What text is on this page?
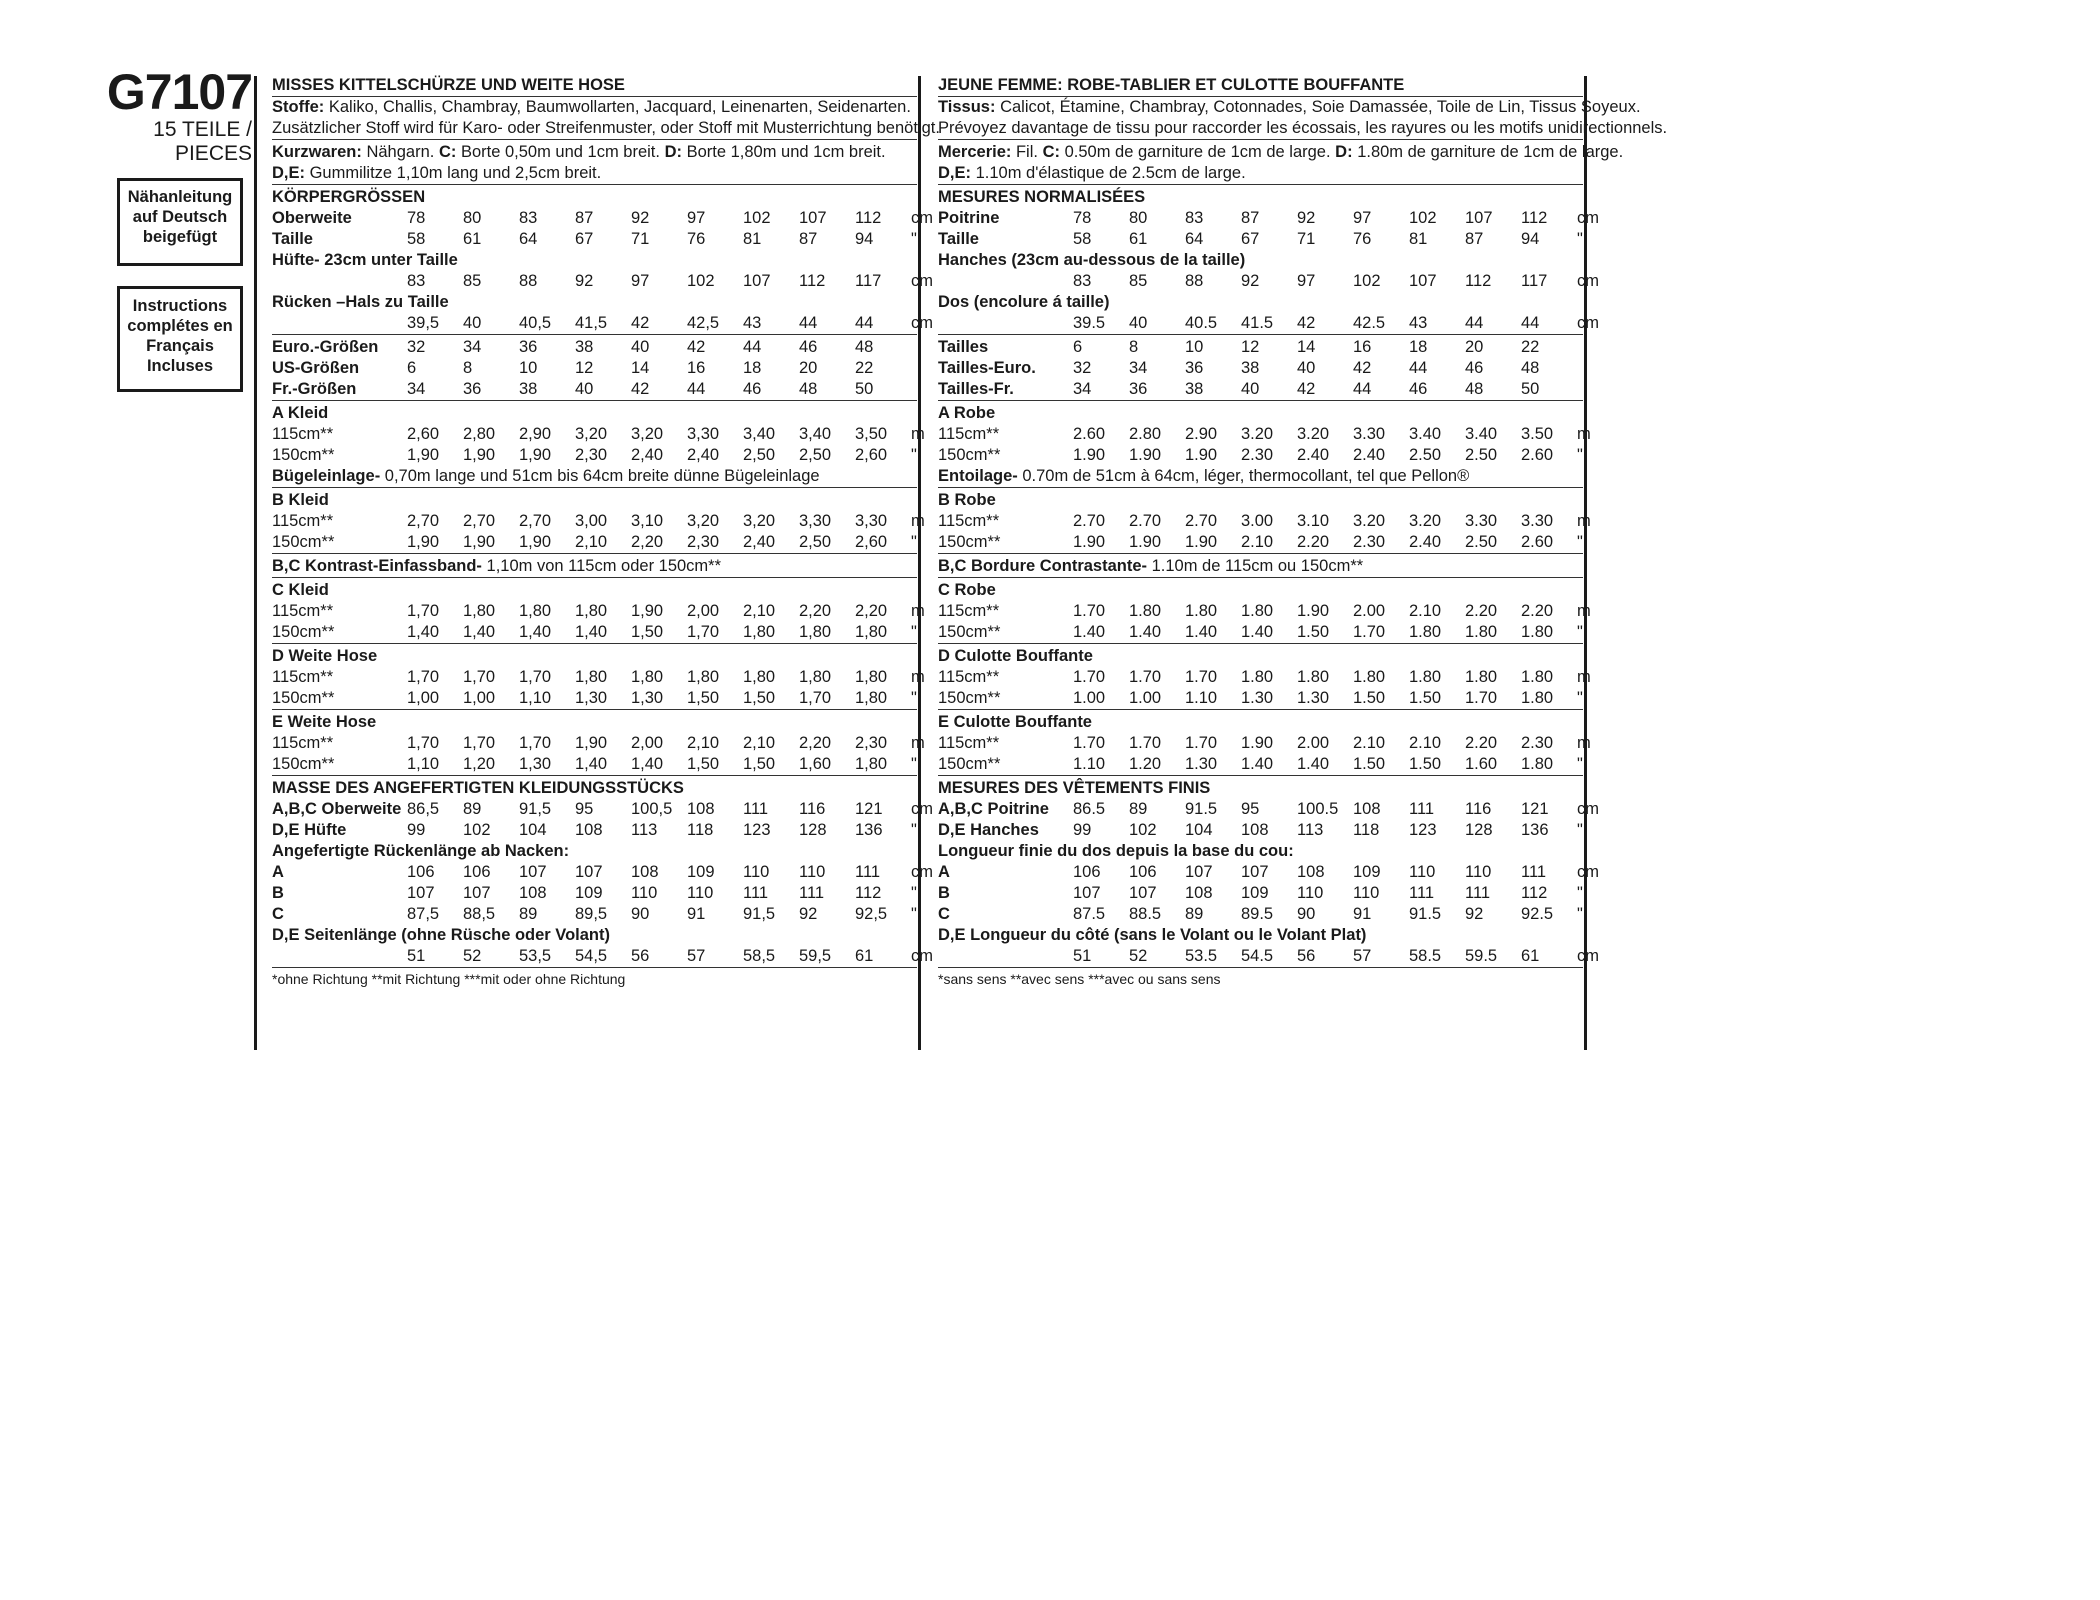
G7107
15 TEILE / PIECES
Nähanleitung auf Deutsch beigefügt
Instructions complétes en Français Incluses
MISSES KITTELSCHÜRZE UND WEITE HOSE
Stoffe:
Kaliko, Challis, Chambray, Baumwollarten, Jacquard, Leinenarten, Seidenarten.
Zusätzlicher Stoff wird für Karo- oder Streifenmuster, oder Stoff mit Musterrichtung benötigt.
Kurzwaren:
Nähgarn.
C:
Borte 0,50m und 1cm breit.
D:
Borte 1,80m und 1cm breit.
D,E:
Gummilitze 1,10m lang und 2,5cm breit.
KÖRPERGRÖSSEN
Oberweite	78	80	83	87	92	97	102	107	112	cm
Taille	58	61	64	67	71	76	81	87	94	"
Hüfte- 23cm unter Taille
83	85	88	92	97	102	107	112	117	cm
Rücken –Hals zu Taille
39,5	40	40,5	41,5	42	42,5	43	44	44	cm
Euro.-Größen	32	34	36	38	40	42	44	46	48
US-Größen	6	8	10	12	14	16	18	20	22
Fr.-Größen	34	36	38	40	42	44	46	48	50
A Kleid
115cm**	2,60	2,80	2,90	3,20	3,20	3,30	3,40	3,40	3,50	m
150cm**	1,90	1,90	1,90	2,30	2,40	2,40	2,50	2,50	2,60	"
Bügeleinlage-
0,70m lange und 51cm bis 64cm breite dünne Bügeleinlage
B Kleid
115cm**	2,70	2,70	2,70	3,00	3,10	3,20	3,20	3,30	3,30	m
150cm**	1,90	1,90	1,90	2,10	2,20	2,30	2,40	2,50	2,60	"
B,C Kontrast-Einfassband-
1,10m von 115cm oder 150cm**
C Kleid
115cm**	1,70	1,80	1,80	1,80	1,90	2,00	2,10	2,20	2,20	m
150cm**	1,40	1,40	1,40	1,40	1,50	1,70	1,80	1,80	1,80	"
D Weite Hose
115cm**	1,70	1,70	1,70	1,80	1,80	1,80	1,80	1,80	1,80	m
150cm**	1,00	1,00	1,10	1,30	1,30	1,50	1,50	1,70	1,80	"
E Weite Hose
115cm**	1,70	1,70	1,70	1,90	2,00	2,10	2,10	2,20	2,30	m
150cm**	1,10	1,20	1,30	1,40	1,40	1,50	1,50	1,60	1,80	"
MASSE DES ANGEFERTIGTEN KLEIDUNGSSTÜCKS
A,B,C Oberweite 86,5	89	91,5	95	100,5 108	111	116	121	cm
D,E Hüfte	99	102	104	108	113	118	123	128	136	"
Angefertigte Rückenlänge ab Nacken:
A	106	106	107	107	108	109	110	110	111	cm
B	107	107	108	109	110	110	111	111	112	"
C	87,5	88,5	89	89,5	90	91	91,5	92	92,5	"
D,E Seitenlänge (ohne Rüsche oder Volant)
51	52	53,5	54,5	56	57	58,5	59,5	61	cm
*ohne Richtung **mit Richtung ***mit oder ohne Richtung
JEUNE FEMME: ROBE-TABLIER ET CULOTTE BOUFFANTE
Tissus:
Calicot, Étamine, Chambray, Cotonnades, Soie Damassée, Toile de Lin, Tissus Soyeux.
Prévoyez davantage de tissu pour raccorder les écossais, les rayures ou les motifs unidirectionnels.
Mercerie:
Fil.
C:
0.50m de garniture de 1cm de large.
D:
1.80m de garniture de 1cm de large.
D,E:
1.10m d'élastique de 2.5cm de large.
MESURES NORMALISÉES
Poitrine	78	80	83	87	92	97	102	107	112	cm
Taille	58	61	64	67	71	76	81	87	94	"
Hanches (23cm au-dessous de la taille)
83	85	88	92	97	102	107	112	117	cm
Dos (encolure á taille)
39.5	40	40.5	41.5	42	42.5	43	44	44	cm
Tailles	6	8	10	12	14	16	18	20	22
Tailles-Euro.	32	34	36	38	40	42	44	46	48
Tailles-Fr.	34	36	38	40	42	44	46	48	50
A Robe
115cm**	2.60	2.80	2.90	3.20	3.20	3.30	3.40	3.40	3.50	m
150cm**	1.90	1.90	1.90	2.30	2.40	2.40	2.50	2.50	2.60	"
Entoilage-
0.70m de 51cm à 64cm, léger, thermocollant, tel que Pellon®
B Robe
115cm**	2.70	2.70	2.70	3.00	3.10	3.20	3.20	3.30	3.30	m
150cm**	1.90	1.90	1.90	2.10	2.20	2.30	2.40	2.50	2.60	"
B,C Bordure Contrastante-
1.10m de 115cm ou 150cm**
C Robe
115cm**	1.70	1.80	1.80	1.80	1.90	2.00	2.10	2.20	2.20	m
150cm**	1.40	1.40	1.40	1.40	1.50	1.70	1.80	1.80	1.80	"
D Culotte Bouffante
115cm**	1.70	1.70	1.70	1.80	1.80	1.80	1.80	1.80	1.80	m
150cm**	1.00	1.00	1.10	1.30	1.30	1.50	1.50	1.70	1.80	"
E Culotte Bouffante
115cm**	1.70	1.70	1.70	1.90	2.00	2.10	2.10	2.20	2.30	m
150cm**	1.10	1.20	1.30	1.40	1.40	1.50	1.50	1.60	1.80	"
MESURES DES VÊTEMENTS FINIS
A,B,C Poitrine	86.5	89	91.5	95	100.5 108	111	116	121	cm
D,E Hanches	99	102	104	108	113	118	123	128	136	"
Longueur finie du dos depuis la base du cou:
A	106	106	107	107	108	109	110	110	111	cm
B	107	107	108	109	110	110	111	111	112	"
C	87.5	88.5	89	89.5	90	91	91.5	92	92.5	"
D,E Longueur du côté (sans le Volant ou le Volant Plat)
51	52	53.5	54.5	56	57	58.5	59.5	61	cm
*sans sens **avec sens ***avec ou sans sens
